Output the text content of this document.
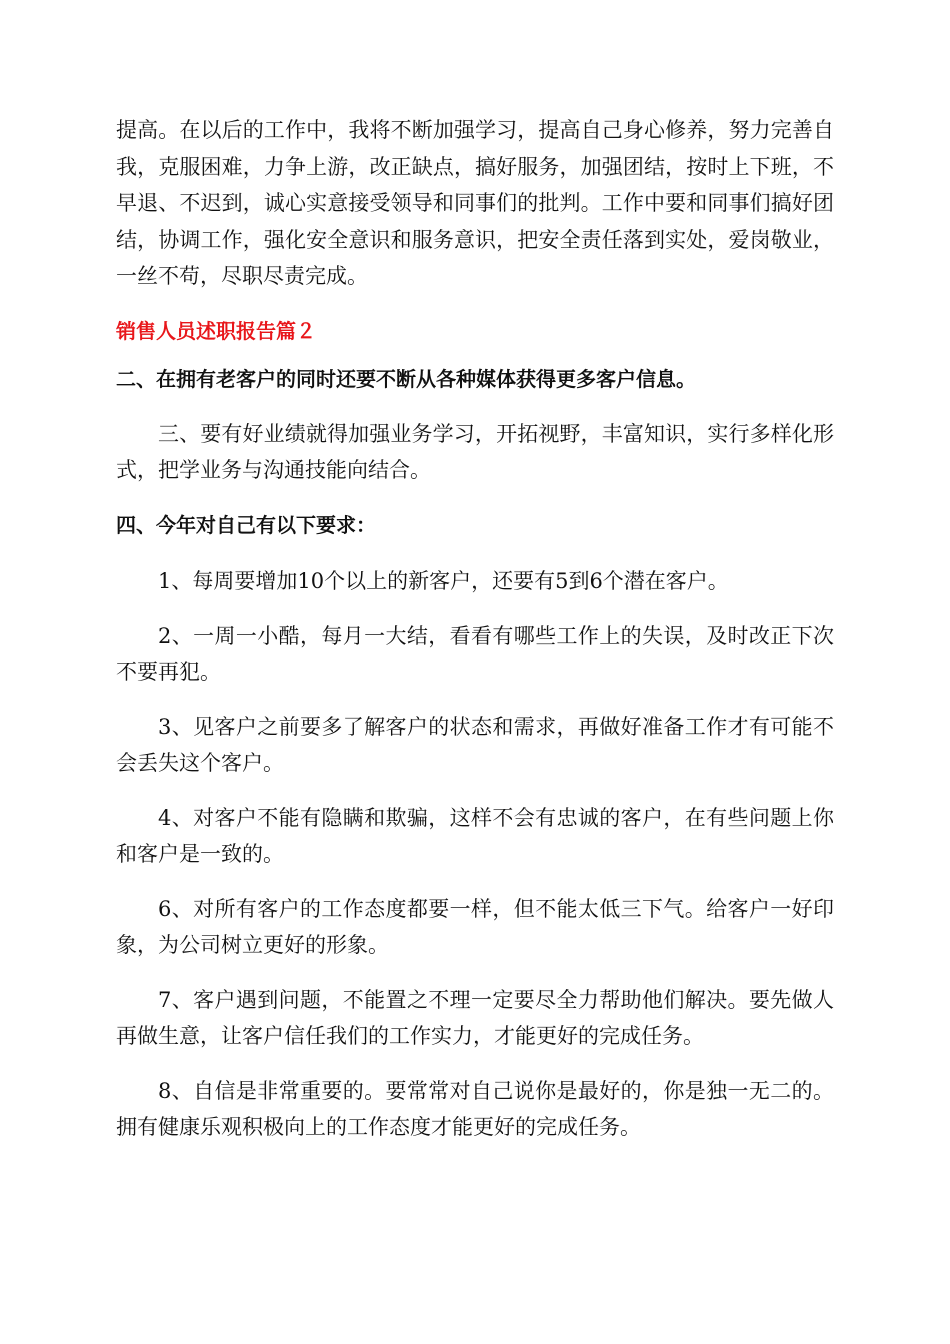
提高。在以后的工作中，我将不断加强学习，提高自己身心修养，努力完善自我，克服困难，力争上游，改正缺点，搞好服务，加强团结，按时上下班，不早退、不迟到，诚心实意接受领导和同事们的批判。工作中要和同事们搞好团结，协调工作，强化安全意识和服务意识，把安全责任落到实处，爱岗敬业，一丝不苟，尽职尽责完成。

销售人员述职报告篇２

二、在拥有老客户的同时还要不断从各种媒体获得更多客户信息。

三、要有好业绩就得加强业务学习，开拓视野，丰富知识，实行多样化形式，把学业务与沟通技能向结合。

四、今年对自己有以下要求：

1、每周要增加10个以上的新客户，还要有5到6个潜在客户。

2、一周一小酷，每月一大结，看看有哪些工作上的失误，及时改正下次不要再犯。

3、见客户之前要多了解客户的状态和需求，再做好准备工作才有可能不会丢失这个客户。

4、对客户不能有隐瞒和欺骗，这样不会有忠诚的客户，在有些问题上你和客户是一致的。

6、对所有客户的工作态度都要一样，但不能太低三下气。给客户一好印象，为公司树立更好的形象。

7、客户遇到问题，不能置之不理一定要尽全力帮助他们解决。要先做人再做生意，让客户信任我们的工作实力，才能更好的完成任务。

8、自信是非常重要的。要常常对自己说你是最好的，你是独一无二的。拥有健康乐观积极向上的工作态度才能更好的完成任务。
